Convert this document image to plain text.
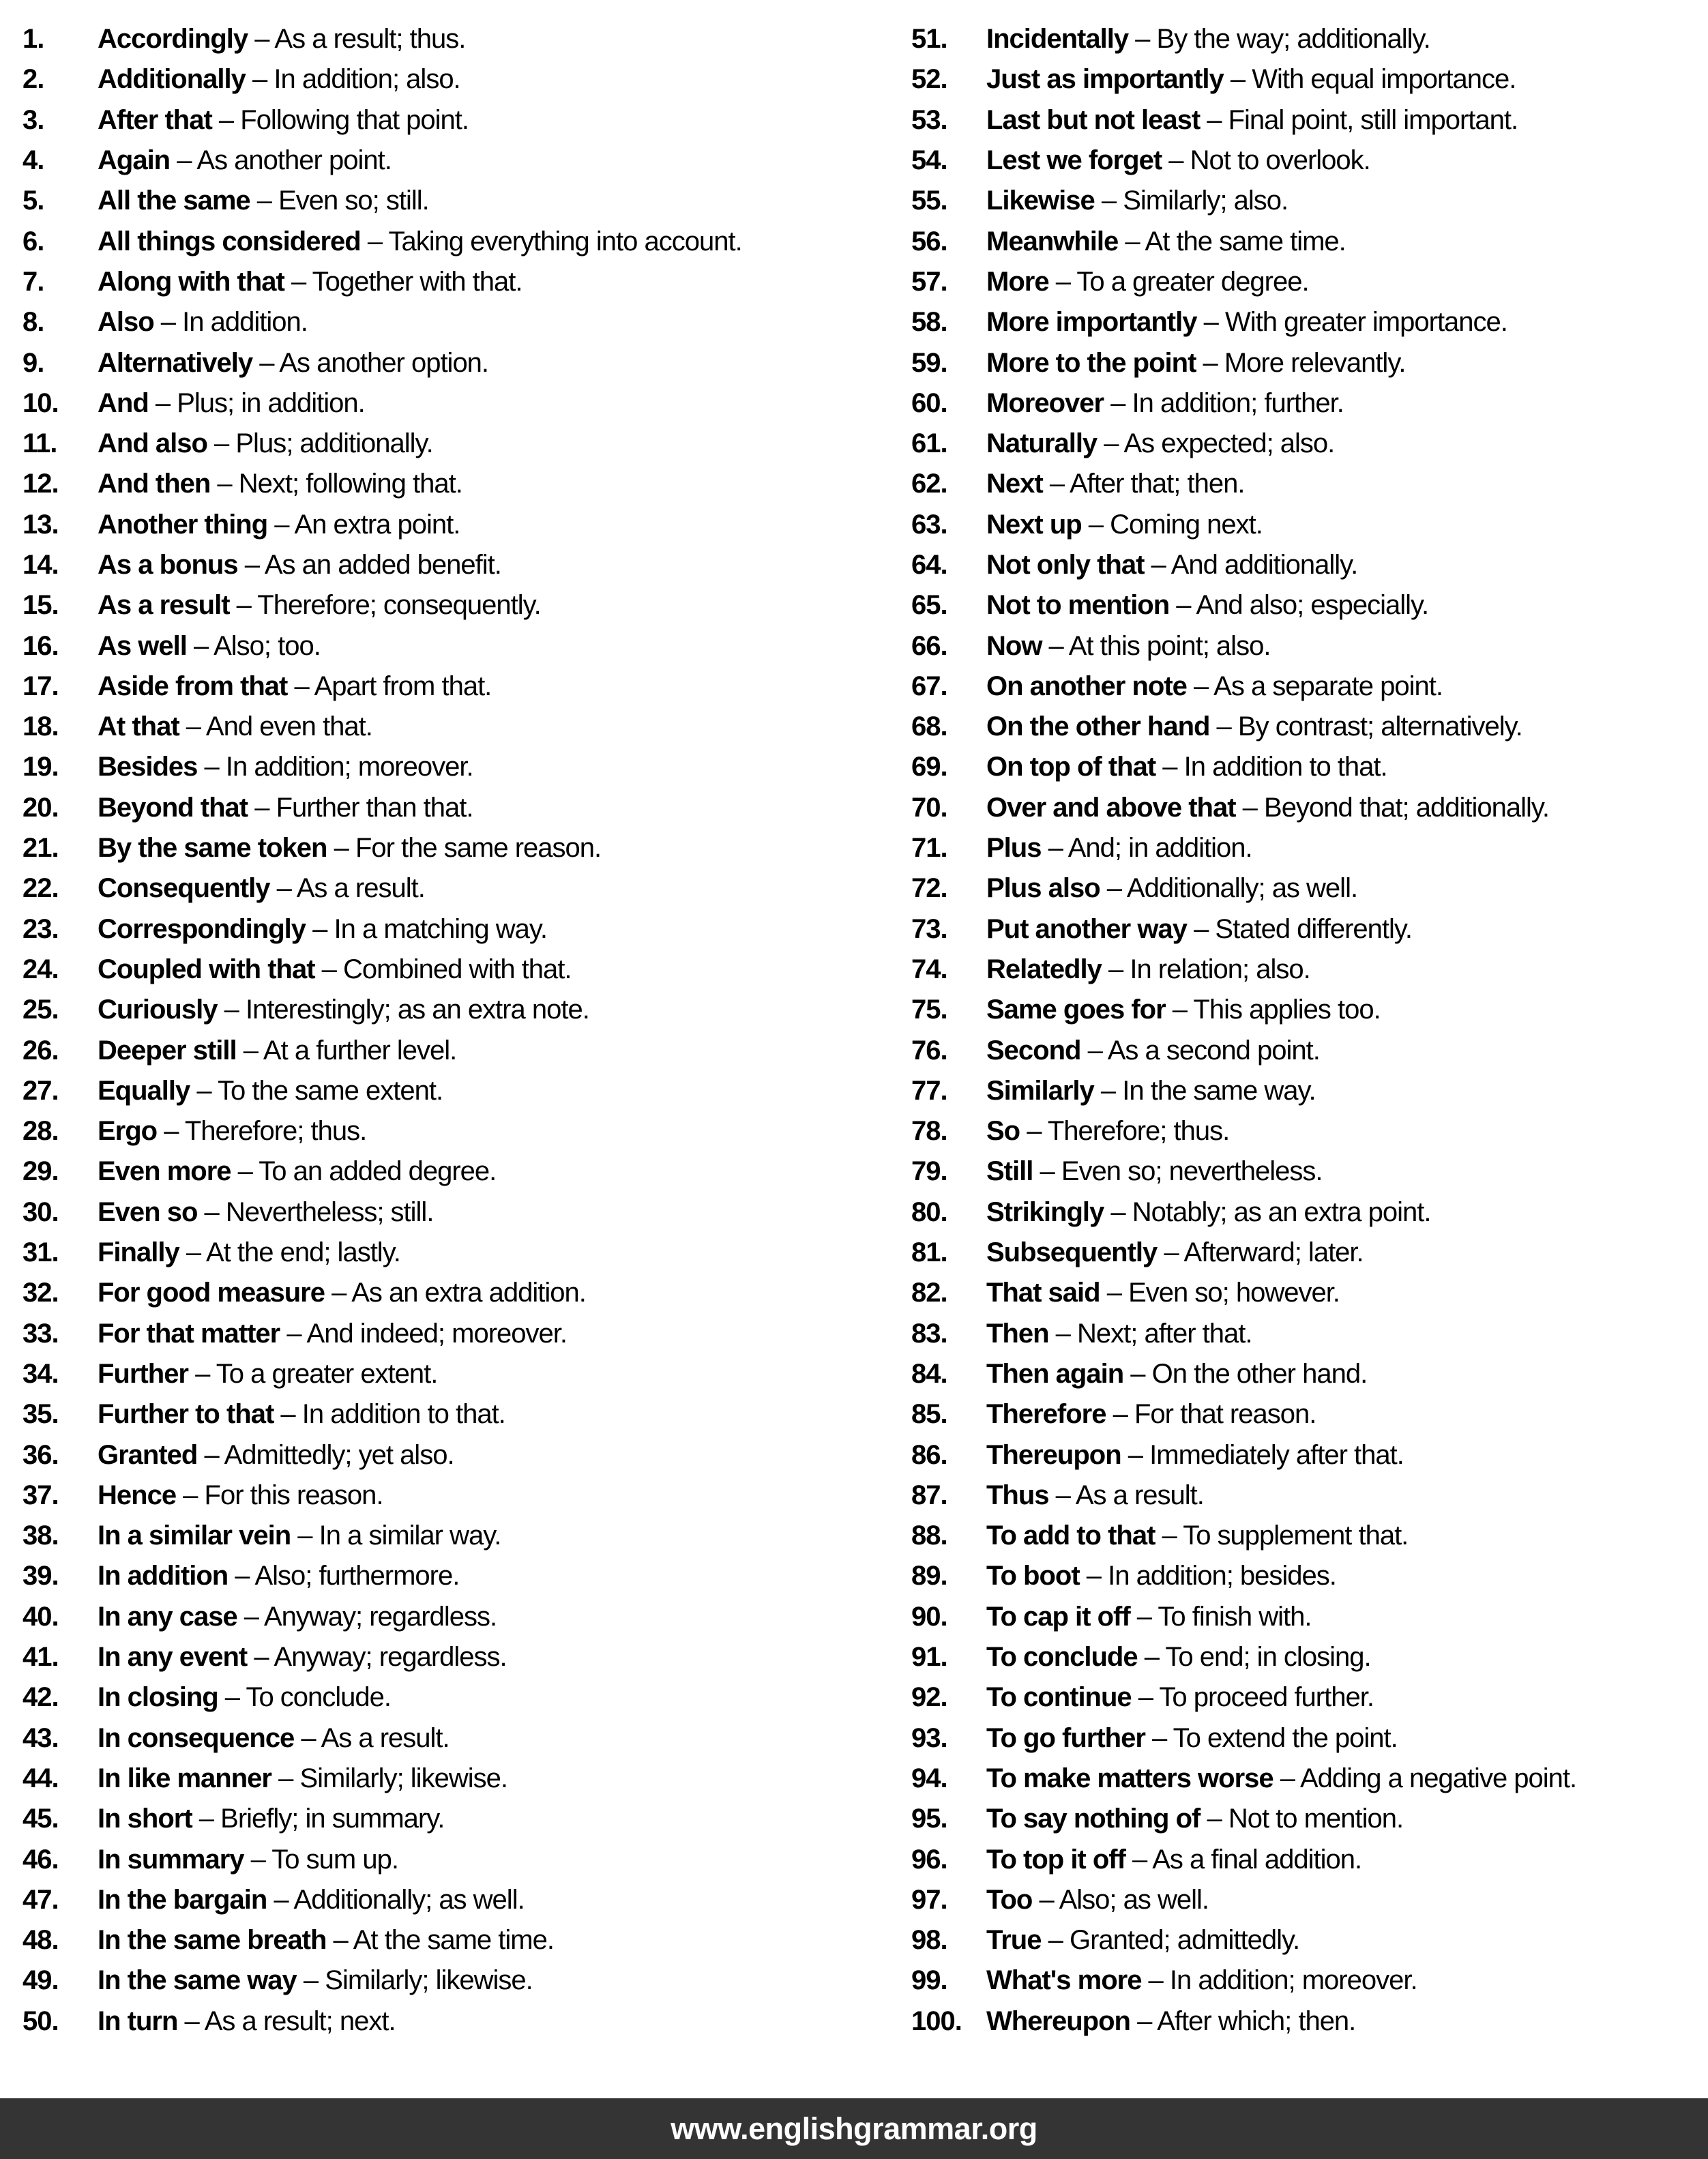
1.	Accordingly – As a result; thus.
2.	Additionally – In addition; also.
3.	After that – Following that point.
4.	Again – As another point.
5.	All the same – Even so; still.
6.	All things considered – Taking everything into account.
7.	Along with that – Together with that.
8.	Also – In addition.
9.	Alternatively – As another option.
10.	And – Plus; in addition.
11.	And also – Plus; additionally.
12.	And then – Next; following that.
13.	Another thing – An extra point.
14.	As a bonus – As an added benefit.
15.	As a result – Therefore; consequently.
16.	As well – Also; too.
17.	Aside from that – Apart from that.
18.	At that – And even that.
19.	Besides – In addition; moreover.
20.	Beyond that – Further than that.
21.	By the same token – For the same reason.
22.	Consequently – As a result.
23.	Correspondingly – In a matching way.
24.	Coupled with that – Combined with that.
25.	Curiously – Interestingly; as an extra note.
26.	Deeper still – At a further level.
27.	Equally – To the same extent.
28.	Ergo – Therefore; thus.
29.	Even more – To an added degree.
30.	Even so – Nevertheless; still.
31.	Finally – At the end; lastly.
32.	For good measure – As an extra addition.
33.	For that matter – And indeed; moreover.
34.	Further – To a greater extent.
35.	Further to that – In addition to that.
36.	Granted – Admittedly; yet also.
37.	Hence – For this reason.
38.	In a similar vein – In a similar way.
39.	In addition – Also; furthermore.
40.	In any case – Anyway; regardless.
41.	In any event – Anyway; regardless.
42.	In closing – To conclude.
43.	In consequence – As a result.
44.	In like manner – Similarly; likewise.
45.	In short – Briefly; in summary.
46.	In summary – To sum up.
47.	In the bargain – Additionally; as well.
48.	In the same breath – At the same time.
49.	In the same way – Similarly; likewise.
50.	In turn – As a result; next.
51.	Incidentally – By the way; additionally.
52.	Just as importantly – With equal importance.
53.	Last but not least – Final point, still important.
54.	Lest we forget – Not to overlook.
55.	Likewise – Similarly; also.
56.	Meanwhile – At the same time.
57.	More – To a greater degree.
58.	More importantly – With greater importance.
59.	More to the point – More relevantly.
60.	Moreover – In addition; further.
61.	Naturally – As expected; also.
62.	Next – After that; then.
63.	Next up – Coming next.
64.	Not only that – And additionally.
65.	Not to mention – And also; especially.
66.	Now – At this point; also.
67.	On another note – As a separate point.
68.	On the other hand – By contrast; alternatively.
69.	On top of that – In addition to that.
70.	Over and above that – Beyond that; additionally.
71.	Plus – And; in addition.
72.	Plus also – Additionally; as well.
73.	Put another way – Stated differently.
74.	Relatedly – In relation; also.
75.	Same goes for – This applies too.
76.	Second – As a second point.
77.	Similarly – In the same way.
78.	So – Therefore; thus.
79.	Still – Even so; nevertheless.
80.	Strikingly – Notably; as an extra point.
81.	Subsequently – Afterward; later.
82.	That said – Even so; however.
83.	Then – Next; after that.
84.	Then again – On the other hand.
85.	Therefore – For that reason.
86.	Thereupon – Immediately after that.
87.	Thus – As a result.
88.	To add to that – To supplement that.
89.	To boot – In addition; besides.
90.	To cap it off – To finish with.
91.	To conclude – To end; in closing.
92.	To continue – To proceed further.
93.	To go further – To extend the point.
94.	To make matters worse – Adding a negative point.
95.	To say nothing of – Not to mention.
96.	To top it off – As a final addition.
97.	Too – Also; as well.
98.	True – Granted; admittedly.
99.	What's more – In addition; moreover.
100. Whereupon – After which; then.
www.englishgrammar.org
